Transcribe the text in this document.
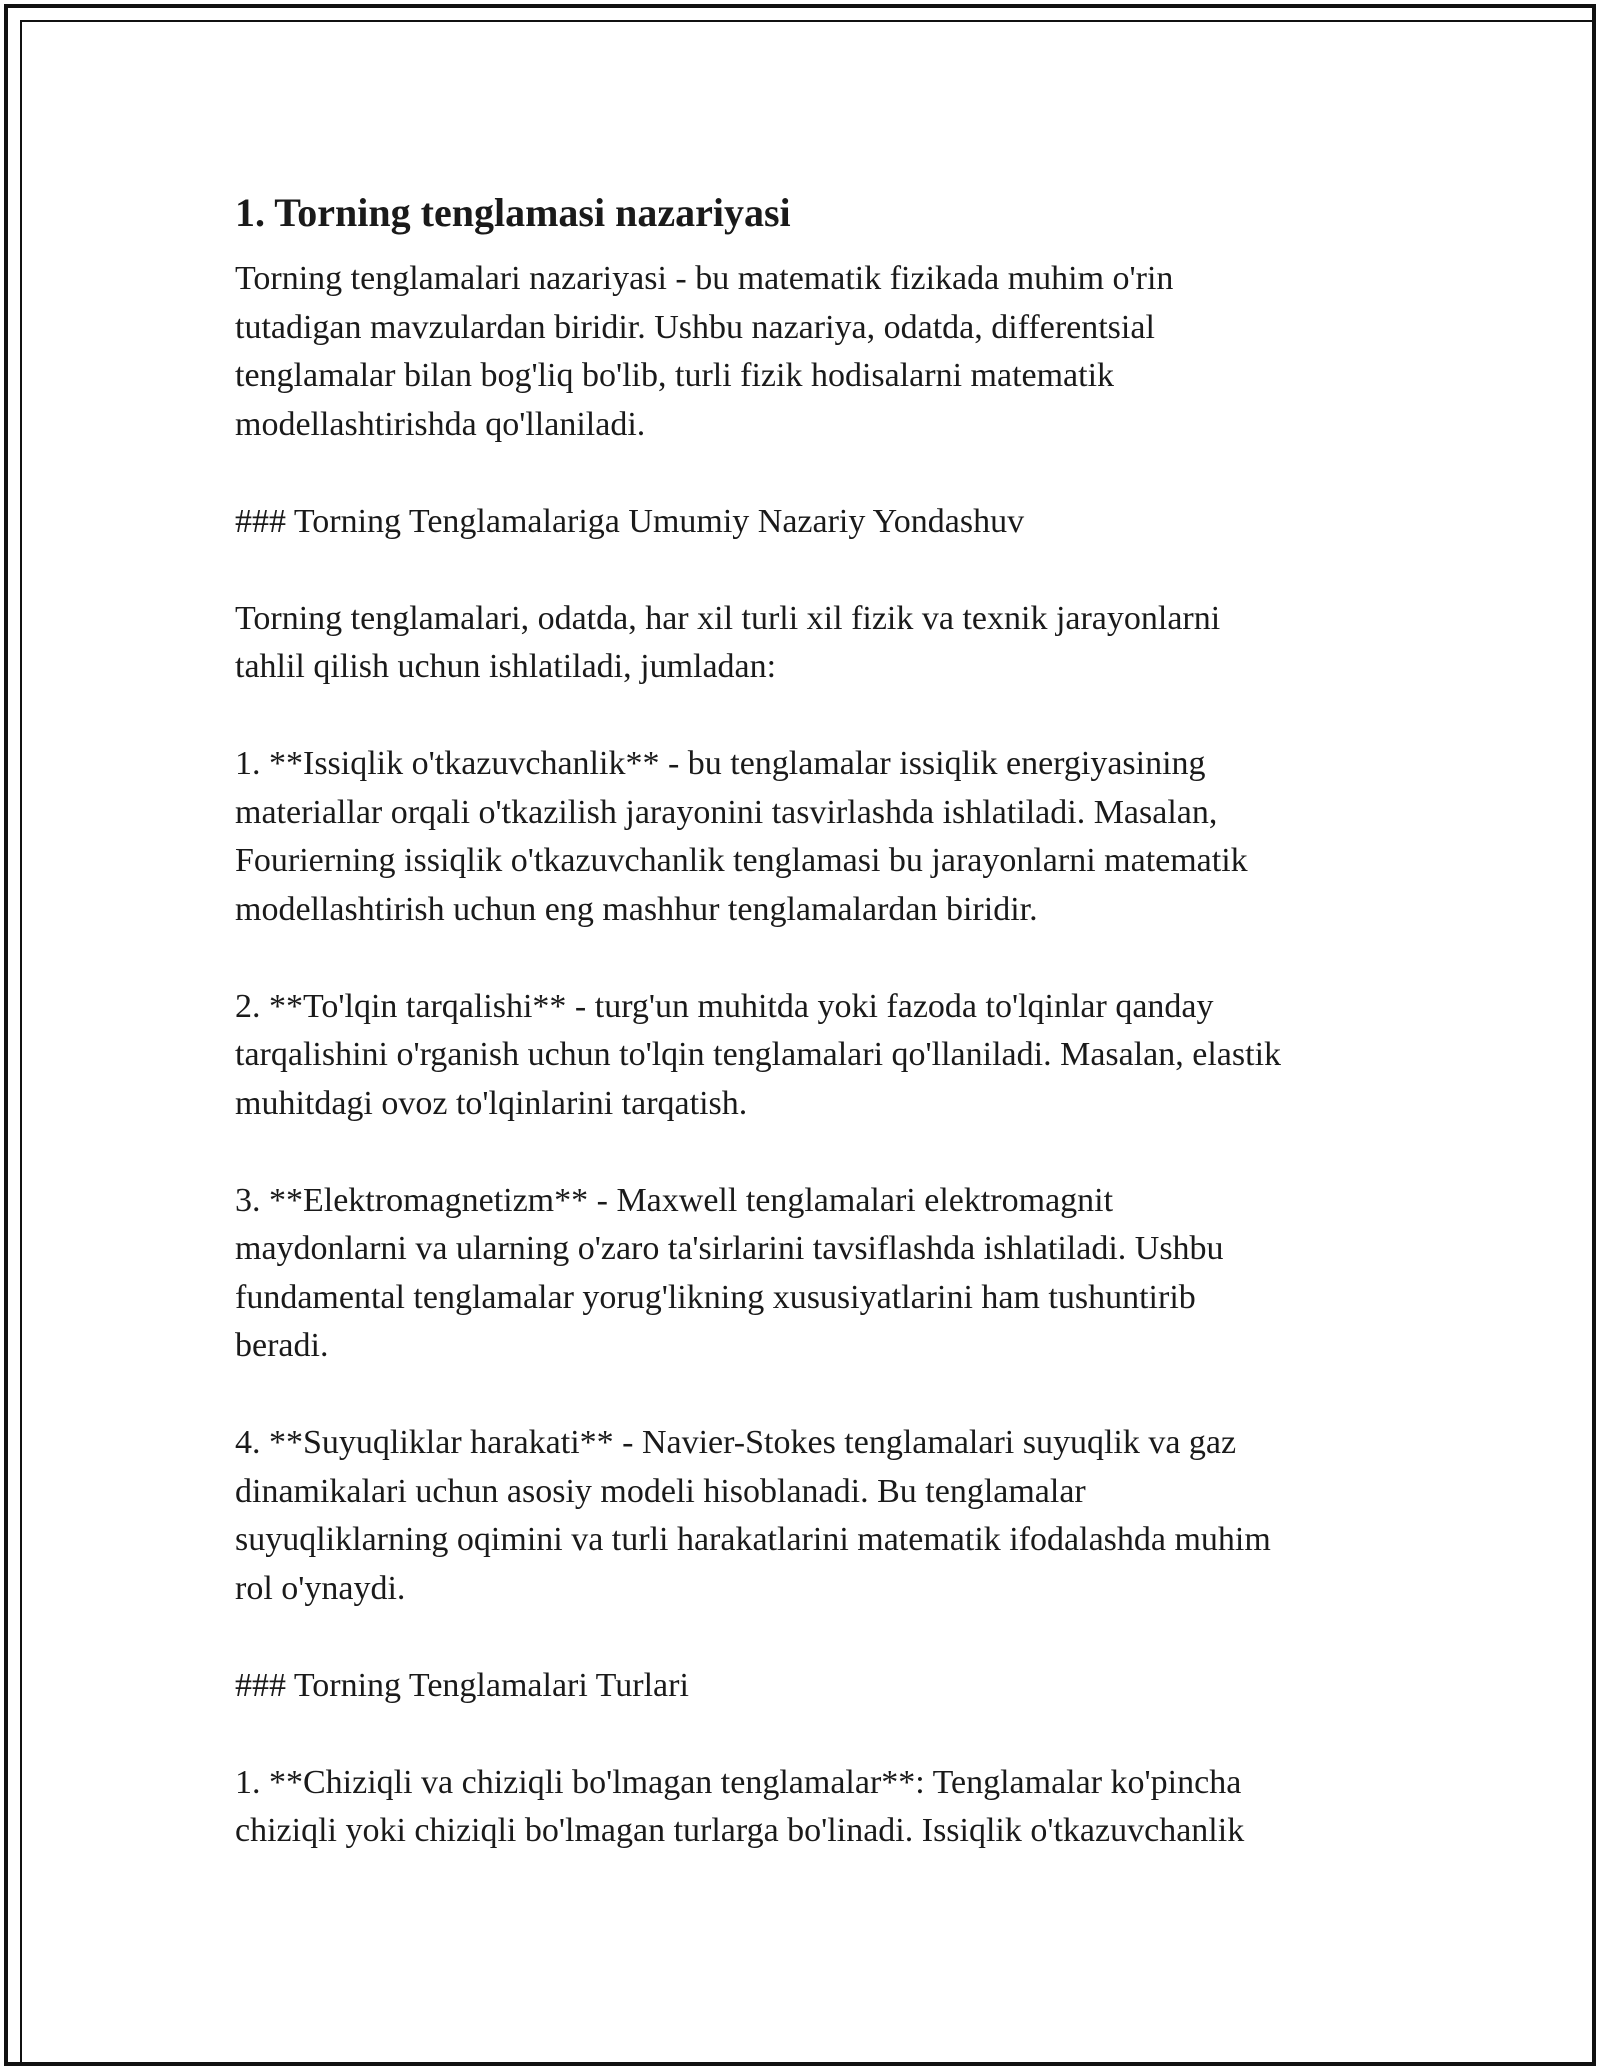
1. Torning tenglamasi nazariyasi

Torning tenglamalari nazariyasi - bu matematik fizikada muhim o'rin
tutadigan mavzulardan biridir. Ushbu nazariya, odatda, differentsial
tenglamalar bilan bog'liq bo'lib, turli fizik hodisalarni matematik
modellashtirishda qo'llaniladi.

### Torning Tenglamalariga Umumiy Nazariy Yondashuv

Torning tenglamalari, odatda, har xil turli xil fizik va texnik jarayonlarni
tahlil qilish uchun ishlatiladi, jumladan:

1. **Issiqlik o'tkazuvchanlik** - bu tenglamalar issiqlik energiyasining
materiallar orqali o'tkazilish jarayonini tasvirlashda ishlatiladi. Masalan,
Fourierning issiqlik o'tkazuvchanlik tenglamasi bu jarayonlarni matematik
modellashtirish uchun eng mashhur tenglamalardan biridir.

2. **To'lqin tarqalishi** - turg'un muhitda yoki fazoda to'lqinlar qanday
tarqalishini o'rganish uchun to'lqin tenglamalari qo'llaniladi. Masalan, elastik
muhitdagi ovoz to'lqinlarini tarqatish.

3. **Elektromagnetizm** - Maxwell tenglamalari elektromagnit
maydonlarni va ularning o'zaro ta'sirlarini tavsiflashda ishlatiladi. Ushbu
fundamental tenglamalar yorug'likning xususiyatlarini ham tushuntirib
beradi.

4. **Suyuqliklar harakati** - Navier-Stokes tenglamalari suyuqlik va gaz
dinamikalari uchun asosiy modeli hisoblanadi. Bu tenglamalar
suyuqliklarning oqimini va turli harakatlarini matematik ifodalashda muhim
rol o'ynaydi.

### Torning Tenglamalari Turlari

1. **Chiziqli va chiziqli bo'lmagan tenglamalar**: Tenglamalar ko'pincha
chiziqli yoki chiziqli bo'lmagan turlarga bo'linadi. Issiqlik o'tkazuvchanlik
